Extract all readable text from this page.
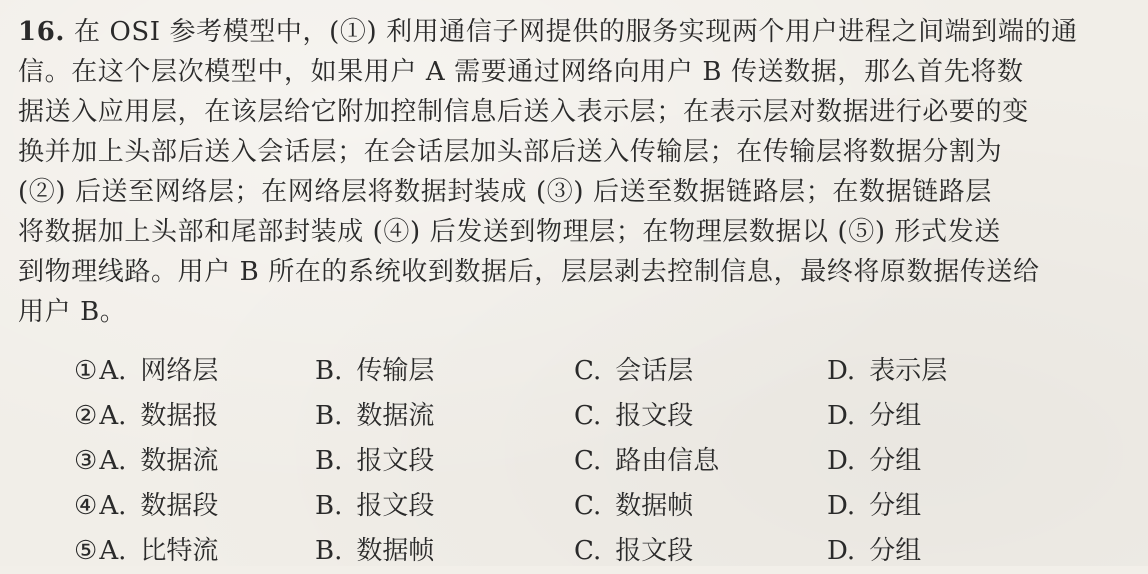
16. 在 OSI 参考模型中，(①) 利用通信子网提供的服务实现两个用户进程之间端到端的通
信。在这个层次模型中，如果用户 A 需要通过网络向用户 B 传送数据，那么首先将数
据送入应用层，在该层给它附加控制信息后送入表示层；在表示层对数据进行必要的变
换并加上头部后送入会话层；在会话层加头部后送入传输层；在传输层将数据分割为
(②) 后送至网络层；在网络层将数据封装成 (③) 后送至数据链路层；在数据链路层
将数据加上头部和尾部封装成 (④) 后发送到物理层；在物理层数据以 (⑤) 形式发送
到物理线路。用户 B 所在的系统收到数据后，层层剥去控制信息，最终将原数据传送给
用户 B。
①A. 网络层	B. 传输层	C. 会话层	D. 表示层
②A. 数据报	B. 数据流	C. 报文段	D. 分组
③A. 数据流	B. 报文段	C. 路由信息	D. 分组
④A. 数据段	B. 报文段	C. 数据帧	D. 分组
⑤A. 比特流	B. 数据帧	C. 报文段	D. 分组
